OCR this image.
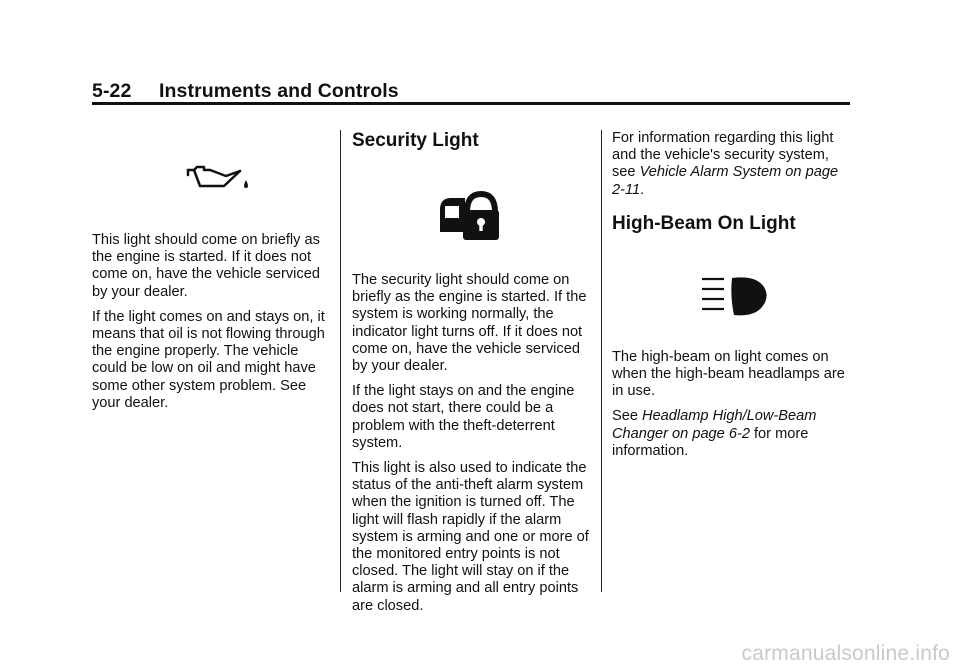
5-22     Instruments and Controls

This light should come on briefly as the engine is started. If it does not come on, have the vehicle serviced by your dealer.

If the light comes on and stays on, it means that oil is not flowing through the engine properly. The vehicle could be low on oil and might have some other system problem. See your dealer.

Security Light

The security light should come on briefly as the engine is started. If the system is working normally, the indicator light turns off. If it does not come on, have the vehicle serviced by your dealer.

If the light stays on and the engine does not start, there could be a problem with the theft-deterrent system.

This light is also used to indicate the status of the anti-theft alarm system when the ignition is turned off. The light will flash rapidly if the alarm system is arming and one or more of the monitored entry points is not closed. The light will stay on if the alarm is arming and all entry points are closed.

For information regarding this light and the vehicle's security system, see Vehicle Alarm System on page 2-11.

High-Beam On Light

The high-beam on light comes on when the high-beam headlamps are in use.

See Headlamp High/Low-Beam Changer on page 6-2 for more information.

carmanualsonline.info
